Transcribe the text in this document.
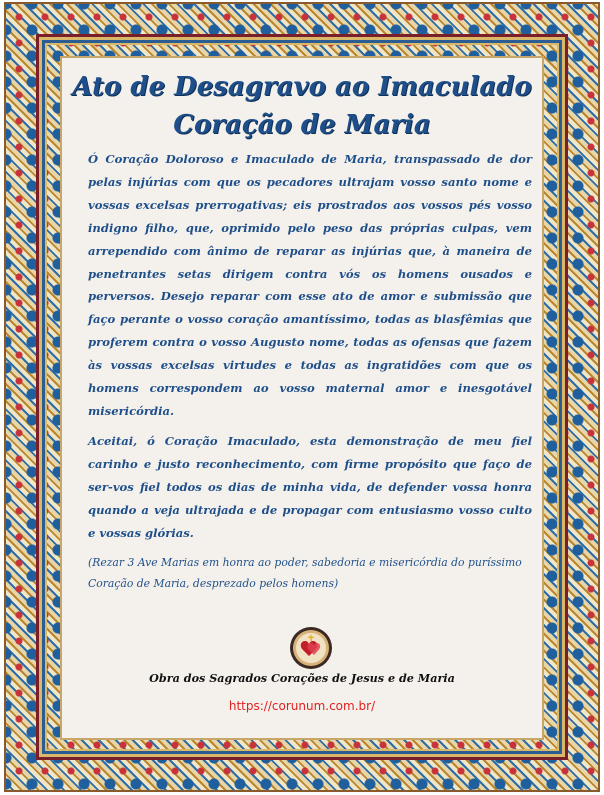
Ato de Desagravo ao Imaculado
Coração de Maria

Ó Coração Doloroso e Imaculado de Maria, transpassado de dor pelas injúrias com que os pecadores ultrajam vosso santo nome e vossas excelsas prerrogativas; eis prostrados aos vossos pés vosso indigno filho, que, oprimido pelo peso das próprias culpas, vem arrependido com ânimo de reparar as injúrias que, à maneira de penetrantes setas dirigem contra vós os homens ousados e perversos. Desejo reparar com esse ato de amor e submissão que faço perante o vosso coração amantíssimo, todas as blasfêmias que proferem contra o vosso Augusto nome, todas as ofensas que fazem às vossas excelsas virtudes e todas as ingratidões com que os homens correspondem ao vosso maternal amor e inesgotável misericórdia.

Aceitai, ó Coração Imaculado, esta demonstração de meu fiel carinho e justo reconhecimento, com firme propósito que faço de ser-vos fiel todos os dias de minha vida, de defender vossa honra quando a veja ultrajada e de propagar com entusiasmo vosso culto e vossas glórias.

(Rezar 3 Ave Marias em honra ao poder, sabedoria e misericórdia do puríssimo Coração de Maria, desprezado pelos homens)
Obra dos Sagrados Corações de Jesus e de Maria
https://corunum.com.br/
